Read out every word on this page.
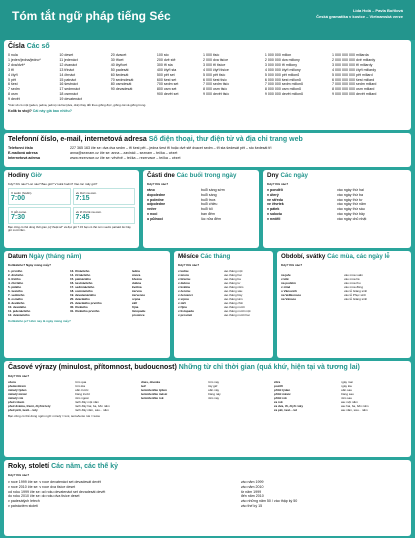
Tóm tắt ngữ pháp tiếng Séc	Lida Holá – Pavla Bořilová
Česká gramatika v kostce – Vietnamská verze
Čísla Các số
0 nula
1 jeden/jedna/jedno*
2 dva/dvě*
3 tři
4 čtyři
5 pět
6 šest
7 sedm
8 osm
9 devět
10 deset
11 jedenáct
12 dvanáct
13 třináct
14 čtrnáct
15 patnáct
16 šestnáct
17 sedmnáct
18 osmnáct
19 devatenáct
20 dvacet
30 třicet
40 čtyřicet
50 padesát
60 šedesát
70 sedmdesát
80 osmdesát
90 devadesát
100 sto
200 dvě stě
300 tři sta
400 čtyři sta
500 pět set
600 šest set
700 sedm set
800 osm set
900 devět set
1 000 tisíc
2 000 dva tisíce
3 000 tři tisíce
4 000 čtyři tisíce
5 000 pět tisíc
6 000 šest tisíc
7 000 sedm tisíc
8 000 osm tisíc
9 000 devět tisíc
1 000 000 milion
2 000 000 dva miliony
3 000 000 tři miliony
4 000 000 čtyři miliony
5 000 000 pět milionů
6 000 000 šest milionů
7 000 000 sedm milionů
8 000 000 osm milionů
9 000 000 devět milionů
1 000 000 000 miliarda
2 000 000 000 dvě miliardy
3 000 000 000 tři miliardy
4 000 000 000 čtyři miliardy
5 000 000 000 pět miliard
6 000 000 000 šest miliard
7 000 000 000 sedm miliard
8 000 000 000 osm miliard
9 000 000 000 devět miliard
*Các số có một (jeden, jedna, jedno) và hai (dva, dvě) thay đổi theo giống đực, giống cái và giống trung.
Kolik to stojí? Cái này giá bao nhiêu?
Telefonní číslo, e-mail, internetová adresa Số điện thoại, thư điện tử và địa chỉ trang web
Telefonní číslo
E-mailová adresa
Internetová adresa
227 365 163 čte se: dva dva sedm – tři šest pět – jedna šest tři hoặc dvě stě dvacet sedm – tři sta šedesát pět – sto šedesát tři
anna@seznam.cz čte se: anna – zavináč – seznam – tečka – cézet
www.rezervace.cz čte se: věvěvě – tečka – rezervace – tečka – cézet
Hodiny Giờ
Kdy? Khi nào? Lúc nào? Bao giờ? V kolik hodin? Vào lúc mấy giờ?
V sedm (hodin).
7:00
Ve čtvrt na osm.
7:15
V půl osmé.
7:30
Ve tři čtvrtě na osm.
7:45
Bạn cũng có thể dùng thời gian „kỹ thuật số" và đọc giờ 7.15 bạn có thể nói v sedm patnáct lúc bảy giờ mười lăm.
Části dne Các buổi trong ngày
Kdy? Khi nào?
ráno
dopoledne
v poledne
odpoledne
večer
v noci
o půlnoci
buổi sáng sớm
buổi sáng
buổi trưa
buổi chiều
buổi tối
ban đêm
lúc nửa đêm
Dny Các ngày
Kdy? Khi nào?
v pondělí
v úterý
ve středu
ve čtvrtek
v pátek
v sobotu
v neděli
vào ngày thứ hai
vào ngày thứ ba
vào ngày thứ tư
vào ngày thứ năm
vào ngày thứ sáu
vào ngày thứ bảy
vào ngày chủ nhật
Datum Ngày (tháng năm)
Kolikátého? Ngày mùng mấy?
1. prvního
2. druhého
3. třetího
4. čtvrtého
5. pátého
6. šestého
7. sedmého
8. osmého
9. devátého
10. desátého
11. jedenáctého
12. dvanáctého
13. třináctého
14. čtrnáctého
15. patnáctého
16. šestnáctého
17. sedmnáctého
18. osmnáctého
19. devatenáctého
20. dvacátého
21. dvacátého prvního
30. třicátého
31. třicátého prvního
ledna
února
března
dubna
května
června
července
srpna
září
října
listopadu
prosince
Kolikátého je? Hôm nay là ngày mùng mấy?
Měsíce Các tháng
Kdy? Khi nào?
v lednu
v únoru
v březnu
v dubnu
v květnu
v červnu
v červenci
v srpnu
v září
v říjnu
v listopadu
v prosinci
vào tháng một
vào tháng hai
vào tháng ba
vào tháng tư
vào tháng năm
vào tháng sáu
vào tháng bảy
vào tháng tám
vào tháng chín
vào tháng mười
vào tháng mười một
vào tháng mười hai
Období, svátky Các mùa, các ngày lễ
Kdy? Khi nào?
na jaře
v létě
na podzim
v zimě
o Vánocích
na Velikonoce
na Vánoce
vào mùa xuân
vào mùa hè
vào mùa thu
vào mùa đông
vào lễ Giáng sinh
vào lễ Phục sinh
vào lễ Giáng sinh
Časové výrazy (minulost, přítomnost, budoucnost) Những từ chỉ thời gian (quá khứ, hiện tại và tương lai)
Kdy? Khi nào?
včera
předevčírem
minulý týden
minulý měsíc
minulý rok
před rokem
před dvěma, třemi, čtyřmi lety
před pěti, šesti... lety
hôm qua
hôm kia
tuần trước
tháng trước
năm ngoái
cách đây một năm
cách đây hai, ba, bốn năm
cách đây năm, sáu... năm
dnes, dneska
teď
tento/tenhle týden
tento/tenhle měsíc
tento/tenhle rok
hôm nay
bây giờ
tuần này
tháng này
năm nay
zítra
pozítří
příští týden
příští měsíc
příští rok
za rok
za dva, tři, čtyři roky
za pět, šest... let
ngày mai
ngày kia
tuần sau
tháng sau
năm sau
sau một năm
sau hai, ba, bốn năm
sau năm, sáu... năm
Bạn cũng có thể dùng ngôn ngữ: minulý = loni, tento/tento rok = letos
Roky, století Các năm, các thế kỷ
Kdy? Khi nào?
v roce 1999 čte se: v roce devatenáct set devadesát devět
v roce 2010 čte se: v roce dva tisíce deset
od roku 1999 čte se: od roku devatenáct set devadesát devět
do roku 2010 čte se: do roku dva tisíce deset
v padesátých letech
v patnáctém století
vào năm 1999
vào năm 2010
từ năm 1999
đến năm 2010
vào những năm 50 / vào thập kỷ 50
vào thế kỷ 15
